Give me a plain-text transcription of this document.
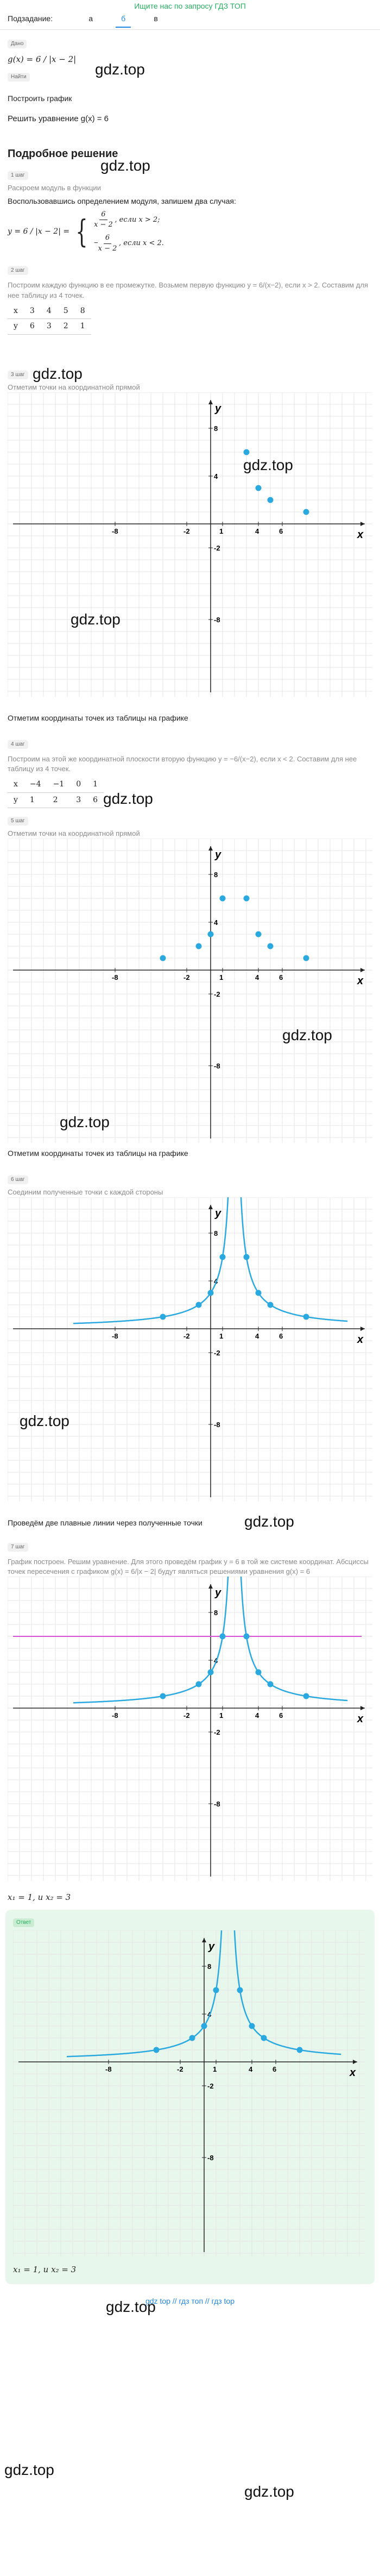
Ищите нас по запросу ГДЗ ТОП
Подзадание:	a	б	в
Дано
g(x) = 6 / |x − 2|
Найти
Построить график
Решить уравнение g(x) = 6
Подробное решение
1 шаг
Раскроем модуль в функции
Воспользовавшись определением модуля, запишем два случая:
y = 6 / |x − 2| = { $\frac{6}{x - 2}$ , если x > 2;
− $\frac{6}{x - 2}$ , если x < 2.
2 шаг
Построим каждую функцию в ее промежутке. Возьмем первую функцию y = 6/(x−2), если x > 2. Составим для нее таблицу из 4 точек.
x	3	4	5	8
y	6	3	2	1
3 шаг
Отметим точки на координатной прямой
x
y
-8	-2	1	4	6
-2
-8
4
8
Отметим координаты точек из таблицы на графике
4 шаг
Построим на этой же координатной плоскости вторую функцию y = −6/(x−2), если x < 2. Составим для нее таблицу из 4 точек.
x	−4	−1	0	1
y	1	2	3	6
5 шаг
Отметим точки на координатной прямой
x
y
-8	-2	1	4	6
-2
-8
4
8
Отметим координаты точек из таблицы на графике
6 шаг
Соединим полученные точки с каждой стороны
x
y
-8	-2	1	4	6
-2
-8
4
8
Проведём две плавные линии через полученные точки
7 шаг
График построен. Решим уравнение. Для этого проведём график y = 6 в той же системе координат. Абсциссы точек пересечения с графиком g(x) = 6/|x − 2| будут являться решениями уравнения g(x) = 6
x
y
-8	-2	1	4	6
-2
-8
4
8
x₁ = 1, и x₂ = 3
Ответ
x
y
-8	-2	1	4	6
-2
-8
4
8
x₁ = 1, и x₂ = 3
gdz top // гдз топ // гдз top
gdz.top
gdz.top
gdz.top
gdz.top
gdz.top
gdz.top
gdz.top
gdz.top
gdz.top
gdz.top
gdz.top
gdz.top
gdz.top
